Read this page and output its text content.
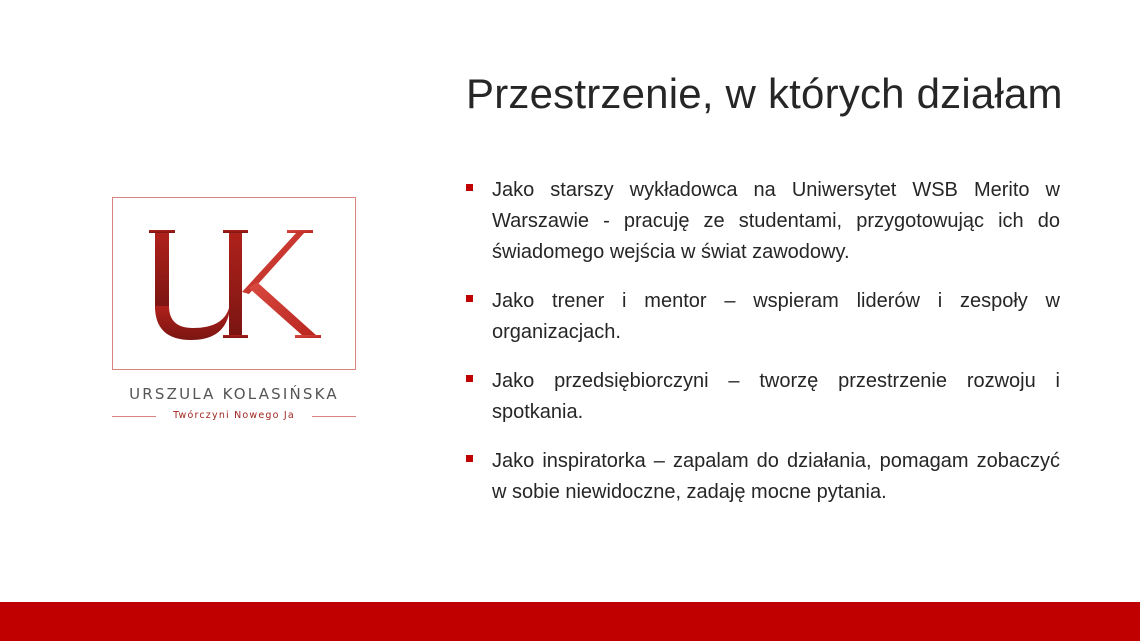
URSZULA KOLASIŃSKA
Twórczyni Nowego Ja
Przestrzenie, w których działam
Jako starszy wykładowca na Uniwersytet WSB Merito w Warszawie - pracuję ze studentami, przygotowując ich do świadomego wejścia w świat zawodowy.
Jako trener i mentor – wspieram liderów i zespoły w organizacjach.
Jako przedsiębiorczyni – tworzę przestrzenie rozwoju i spotkania.
Jako inspiratorka – zapalam do działania, pomagam zobaczyć w sobie niewidoczne, zadaję mocne pytania.
